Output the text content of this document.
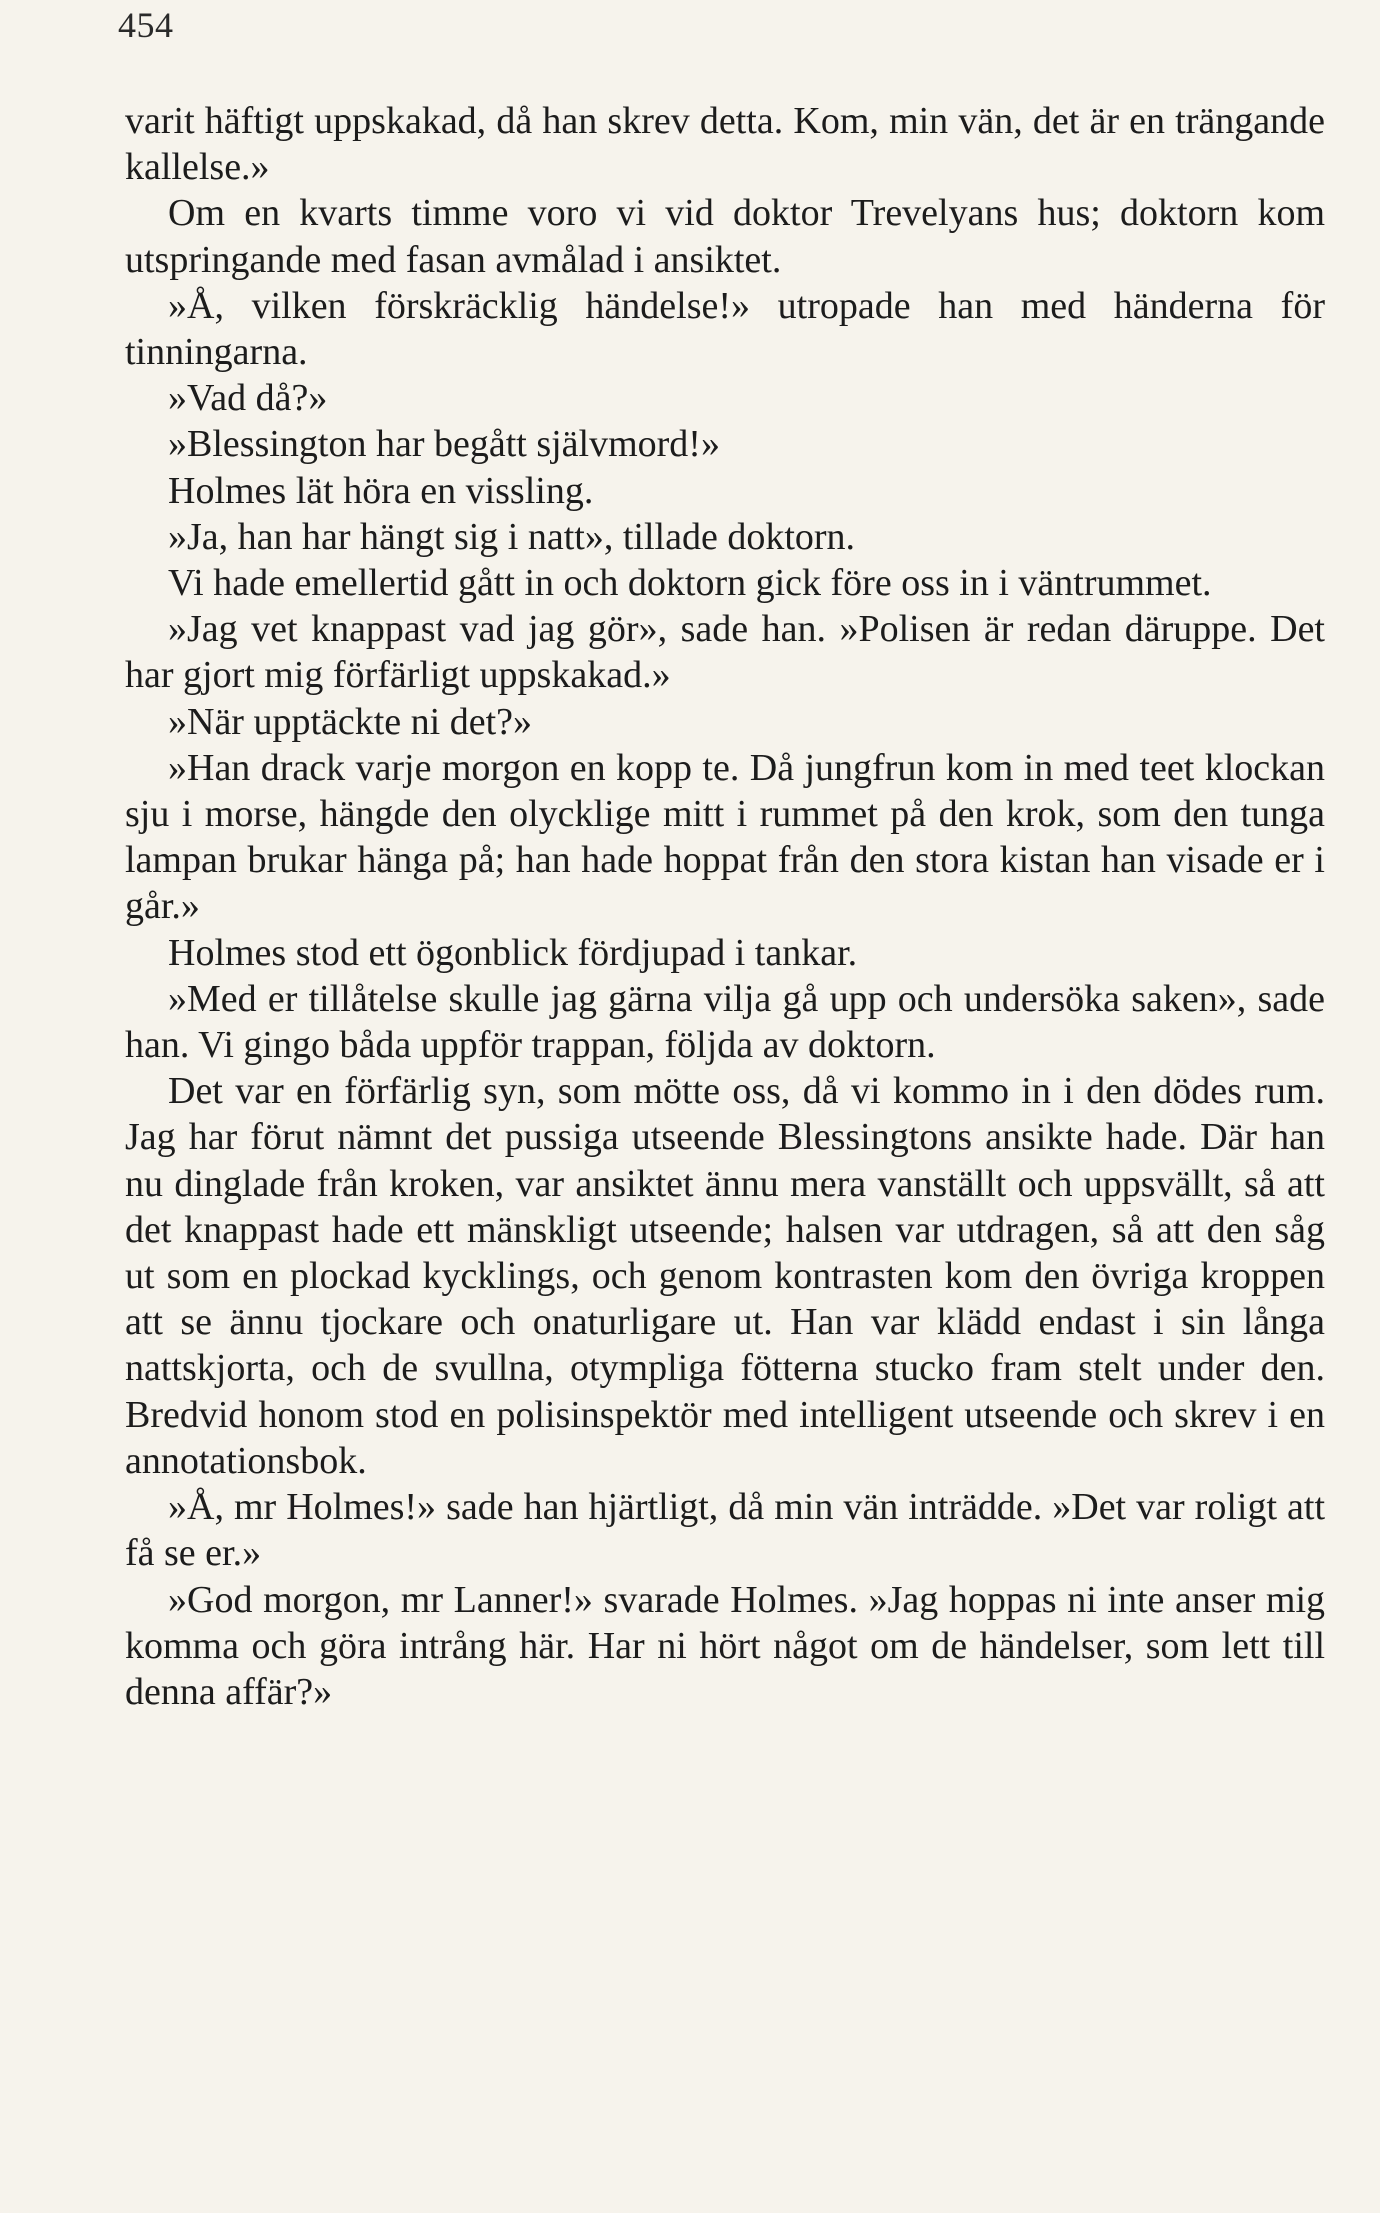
454

varit häftigt uppskakad, då han skrev detta. Kom, min vän, det är en trängande kallelse.»

Om en kvarts timme voro vi vid doktor Trevelyans hus; doktorn kom utspringande med fasan avmålad i ansiktet.

»Å, vilken förskräcklig händelse!» utropade han med händerna för tinningarna.

»Vad då?»

»Blessington har begått självmord!»

Holmes lät höra en vissling.

»Ja, han har hängt sig i natt», tillade doktorn.

Vi hade emellertid gått in och doktorn gick före oss in i väntrummet.

»Jag vet knappast vad jag gör», sade han. »Polisen är redan däruppe. Det har gjort mig förfärligt uppskakad.»

»När upptäckte ni det?»

»Han drack varje morgon en kopp te. Då jungfrun kom in med teet klockan sju i morse, hängde den olycklige mitt i rummet på den krok, som den tunga lampan brukar hänga på; han hade hoppat från den stora kistan han visade er i går.»

Holmes stod ett ögonblick fördjupad i tankar.

»Med er tillåtelse skulle jag gärna vilja gå upp och undersöka saken», sade han. Vi gingo båda uppför trappan, följda av doktorn.

Det var en förfärlig syn, som mötte oss, då vi kommo in i den dödes rum. Jag har förut nämnt det pussiga utseende Blessingtons ansikte hade. Där han nu dinglade från kroken, var ansiktet ännu mera vanställt och uppsvällt, så att det knappast hade ett mänskligt utseende; halsen var utdragen, så att den såg ut som en plockad kycklings, och genom kontrasten kom den övriga kroppen att se ännu tjockare och onaturligare ut. Han var klädd endast i sin långa nattskjorta, och de svullna, otympliga fötterna stucko fram stelt under den. Bredvid honom stod en polisinspektör med intelligent utseende och skrev i en annotationsbok.

»Å, mr Holmes!» sade han hjärtligt, då min vän inträdde. »Det var roligt att få se er.»

»God morgon, mr Lanner!» svarade Holmes. »Jag hoppas ni inte anser mig komma och göra intrång här. Har ni hört något om de händelser, som lett till denna affär?»
